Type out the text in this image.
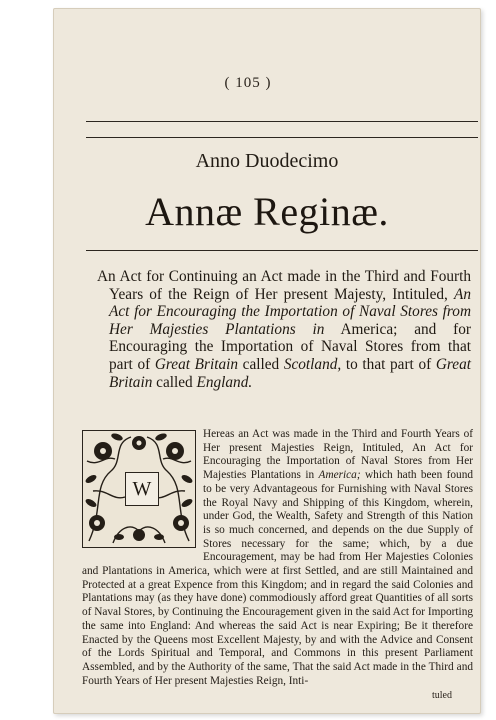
( 105 )
Anno Duodecimo
Annæ Reginæ.
An Act for Continuing an Act made in the Third and Fourth Years of the Reign of Her present Majesty, Intituled, An Act for Encouraging the Importation of Naval Stores from Her Majesties Plantations in America; and for Encouraging the Importation of Naval Stores from that part of Great Britain called Scotland, to that part of Great Britain called England.
Hereas an Act was made in the Third and Fourth Years of Her present Majesties Reign, Intituled, An Act for Encouraging the Importation of Naval Stores from Her Majesties Plantations in America; which hath been found to be very Advantageous for Furnishing with Naval Stores the Royal Navy and Shipping of this Kingdom, wherein, under God, the Wealth, Safety and Strength of this Nation is so much concerned, and depends on the due Supply of Stores necessary for the same; which, by a due Encouragement, may be had from Her Majesties Colonies and Plantations in America, which were at first Settled, and are still Maintained and Protected at a great Expence from this Kingdom; and in regard the said Colonies and Plantations may (as they have done) commodiously afford great Quantities of all sorts of Naval Stores, by Continuing the Encouragement given in the said Act for Importing the same into England: And whereas the said Act is near Expiring; Be it therefore Enacted by the Queens most Excellent Majesty, by and with the Advice and Consent of the Lords Spiritual and Temporal, and Commons in this present Parliament Assembled, and by the Authority of the same, That the said Act made in the Third and Fourth Years of Her present Majesties Reign, Inti-
W
tuled
